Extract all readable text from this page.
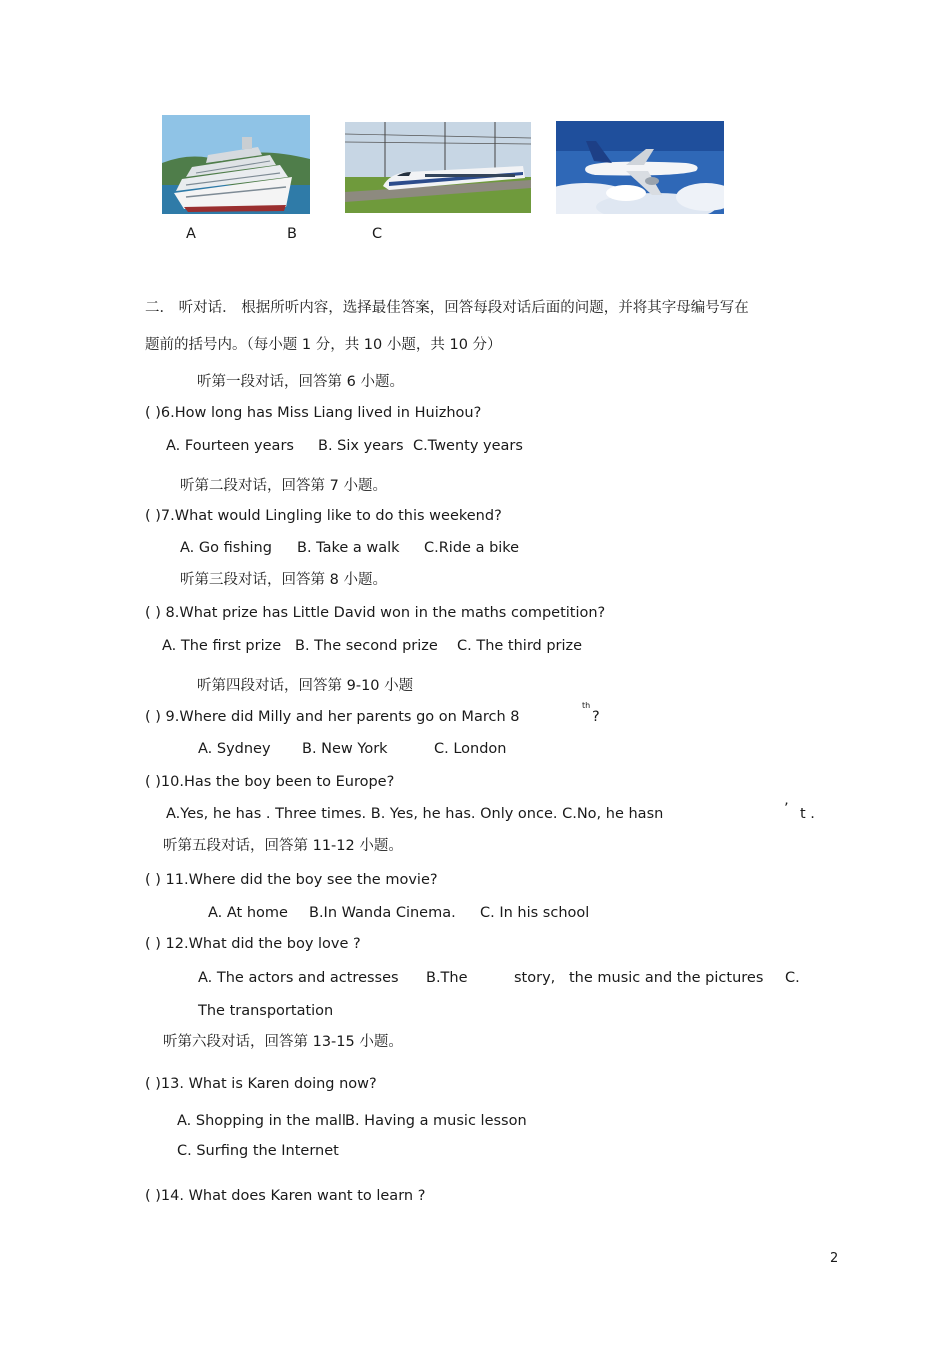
A	B	C
二． 听对话． 根据所听内容，选择最佳答案，回答每段对话后面的问题，并将其字母编号写在
题前的括号内。（每小题 1 分，共 10 小题，共 10 分）
听第一段对话，回答第 6 小题。
( )6.How long has Miss Liang lived in Huizhou?
A. Fourteen years B. Six years C.Twenty years
听第二段对话，回答第 7 小题。
( )7.What would Lingling like to do this weekend?
A. Go fishing B. Take a walk C.Ride a bike
听第三段对话，回答第 8 小题。
( ) 8.What prize has Little David won in the maths competition?
A. The first prize B. The second prize C. The third prize
听第四段对话，回答第 9-10 小题
( ) 9.Where did Milly and her parents go on March 8
th
?
A. Sydney B. New York	C. London
( )10.Has the boy been to Europe?
A.Yes, he has . Three times. B. Yes, he has. Only once. C.No, he hasn	’ t .
听第五段对话，回答第 11-12 小题。
( ) 11.Where did the boy see the movie?
A. At home B.In Wanda Cinema. C. In his school
( ) 12.What did the boy love ?
A. The actors and actresses B.The	story, the music and the pictures C.
The transportation
听第六段对话，回答第 13-15 小题。
( )13. What is Karen doing now?
A. Shopping in the mall B. Having a music lesson
C. Surfing the Internet
( )14. What does Karen want to learn ?
2
